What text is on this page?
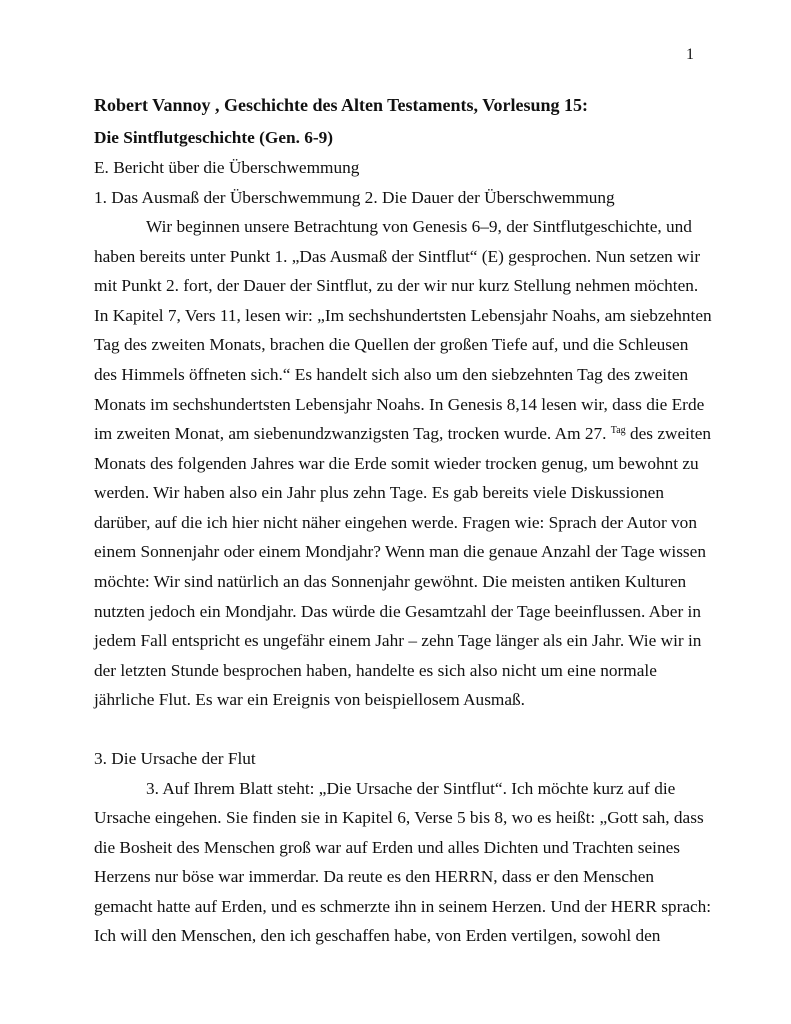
1
Robert Vannoy , Geschichte des Alten Testaments, Vorlesung 15:
Die Sintflutgeschichte (Gen. 6-9)
E. Bericht über die Überschwemmung
1. Das Ausmaß der Überschwemmung 2. Die Dauer der Überschwemmung
Wir beginnen unsere Betrachtung von Genesis 6–9, der Sintflutgeschichte, und
haben bereits unter Punkt 1. „Das Ausmaß der Sintflut“ (E) gesprochen. Nun setzen wir
mit Punkt 2. fort, der Dauer der Sintflut, zu der wir nur kurz Stellung nehmen möchten.
In Kapitel 7, Vers 11, lesen wir: „Im sechshundertsten Lebensjahr Noahs, am siebzehnten
Tag des zweiten Monats, brachen die Quellen der großen Tiefe auf, und die Schleusen
des Himmels öffneten sich.“ Es handelt sich also um den siebzehnten Tag des zweiten
Monats im sechshundertsten Lebensjahr Noahs. In Genesis 8,14 lesen wir, dass die Erde
im zweiten Monat, am siebenundzwanzigsten Tag, trocken wurde. Am 27. $^{Tag}$ des zweiten
Monats des folgenden Jahres war die Erde somit wieder trocken genug, um bewohnt zu
werden. Wir haben also ein Jahr plus zehn Tage. Es gab bereits viele Diskussionen
darüber, auf die ich hier nicht näher eingehen werde. Fragen wie: Sprach der Autor von
einem Sonnenjahr oder einem Mondjahr? Wenn man die genaue Anzahl der Tage wissen
möchte: Wir sind natürlich an das Sonnenjahr gewöhnt. Die meisten antiken Kulturen
nutzten jedoch ein Mondjahr. Das würde die Gesamtzahl der Tage beeinflussen. Aber in
jedem Fall entspricht es ungefähr einem Jahr – zehn Tage länger als ein Jahr. Wie wir in
der letzten Stunde besprochen haben, handelte es sich also nicht um eine normale
jährliche Flut. Es war ein Ereignis von beispiellosem Ausmaß.
3. Die Ursache der Flut
3. Auf Ihrem Blatt steht: „Die Ursache der Sintflut“. Ich möchte kurz auf die
Ursache eingehen. Sie finden sie in Kapitel 6, Verse 5 bis 8, wo es heißt: „Gott sah, dass
die Bosheit des Menschen groß war auf Erden und alles Dichten und Trachten seines
Herzens nur böse war immerdar. Da reute es den HERRN, dass er den Menschen
gemacht hatte auf Erden, und es schmerzte ihn in seinem Herzen. Und der HERR sprach:
Ich will den Menschen, den ich geschaffen habe, von Erden vertilgen, sowohl den
